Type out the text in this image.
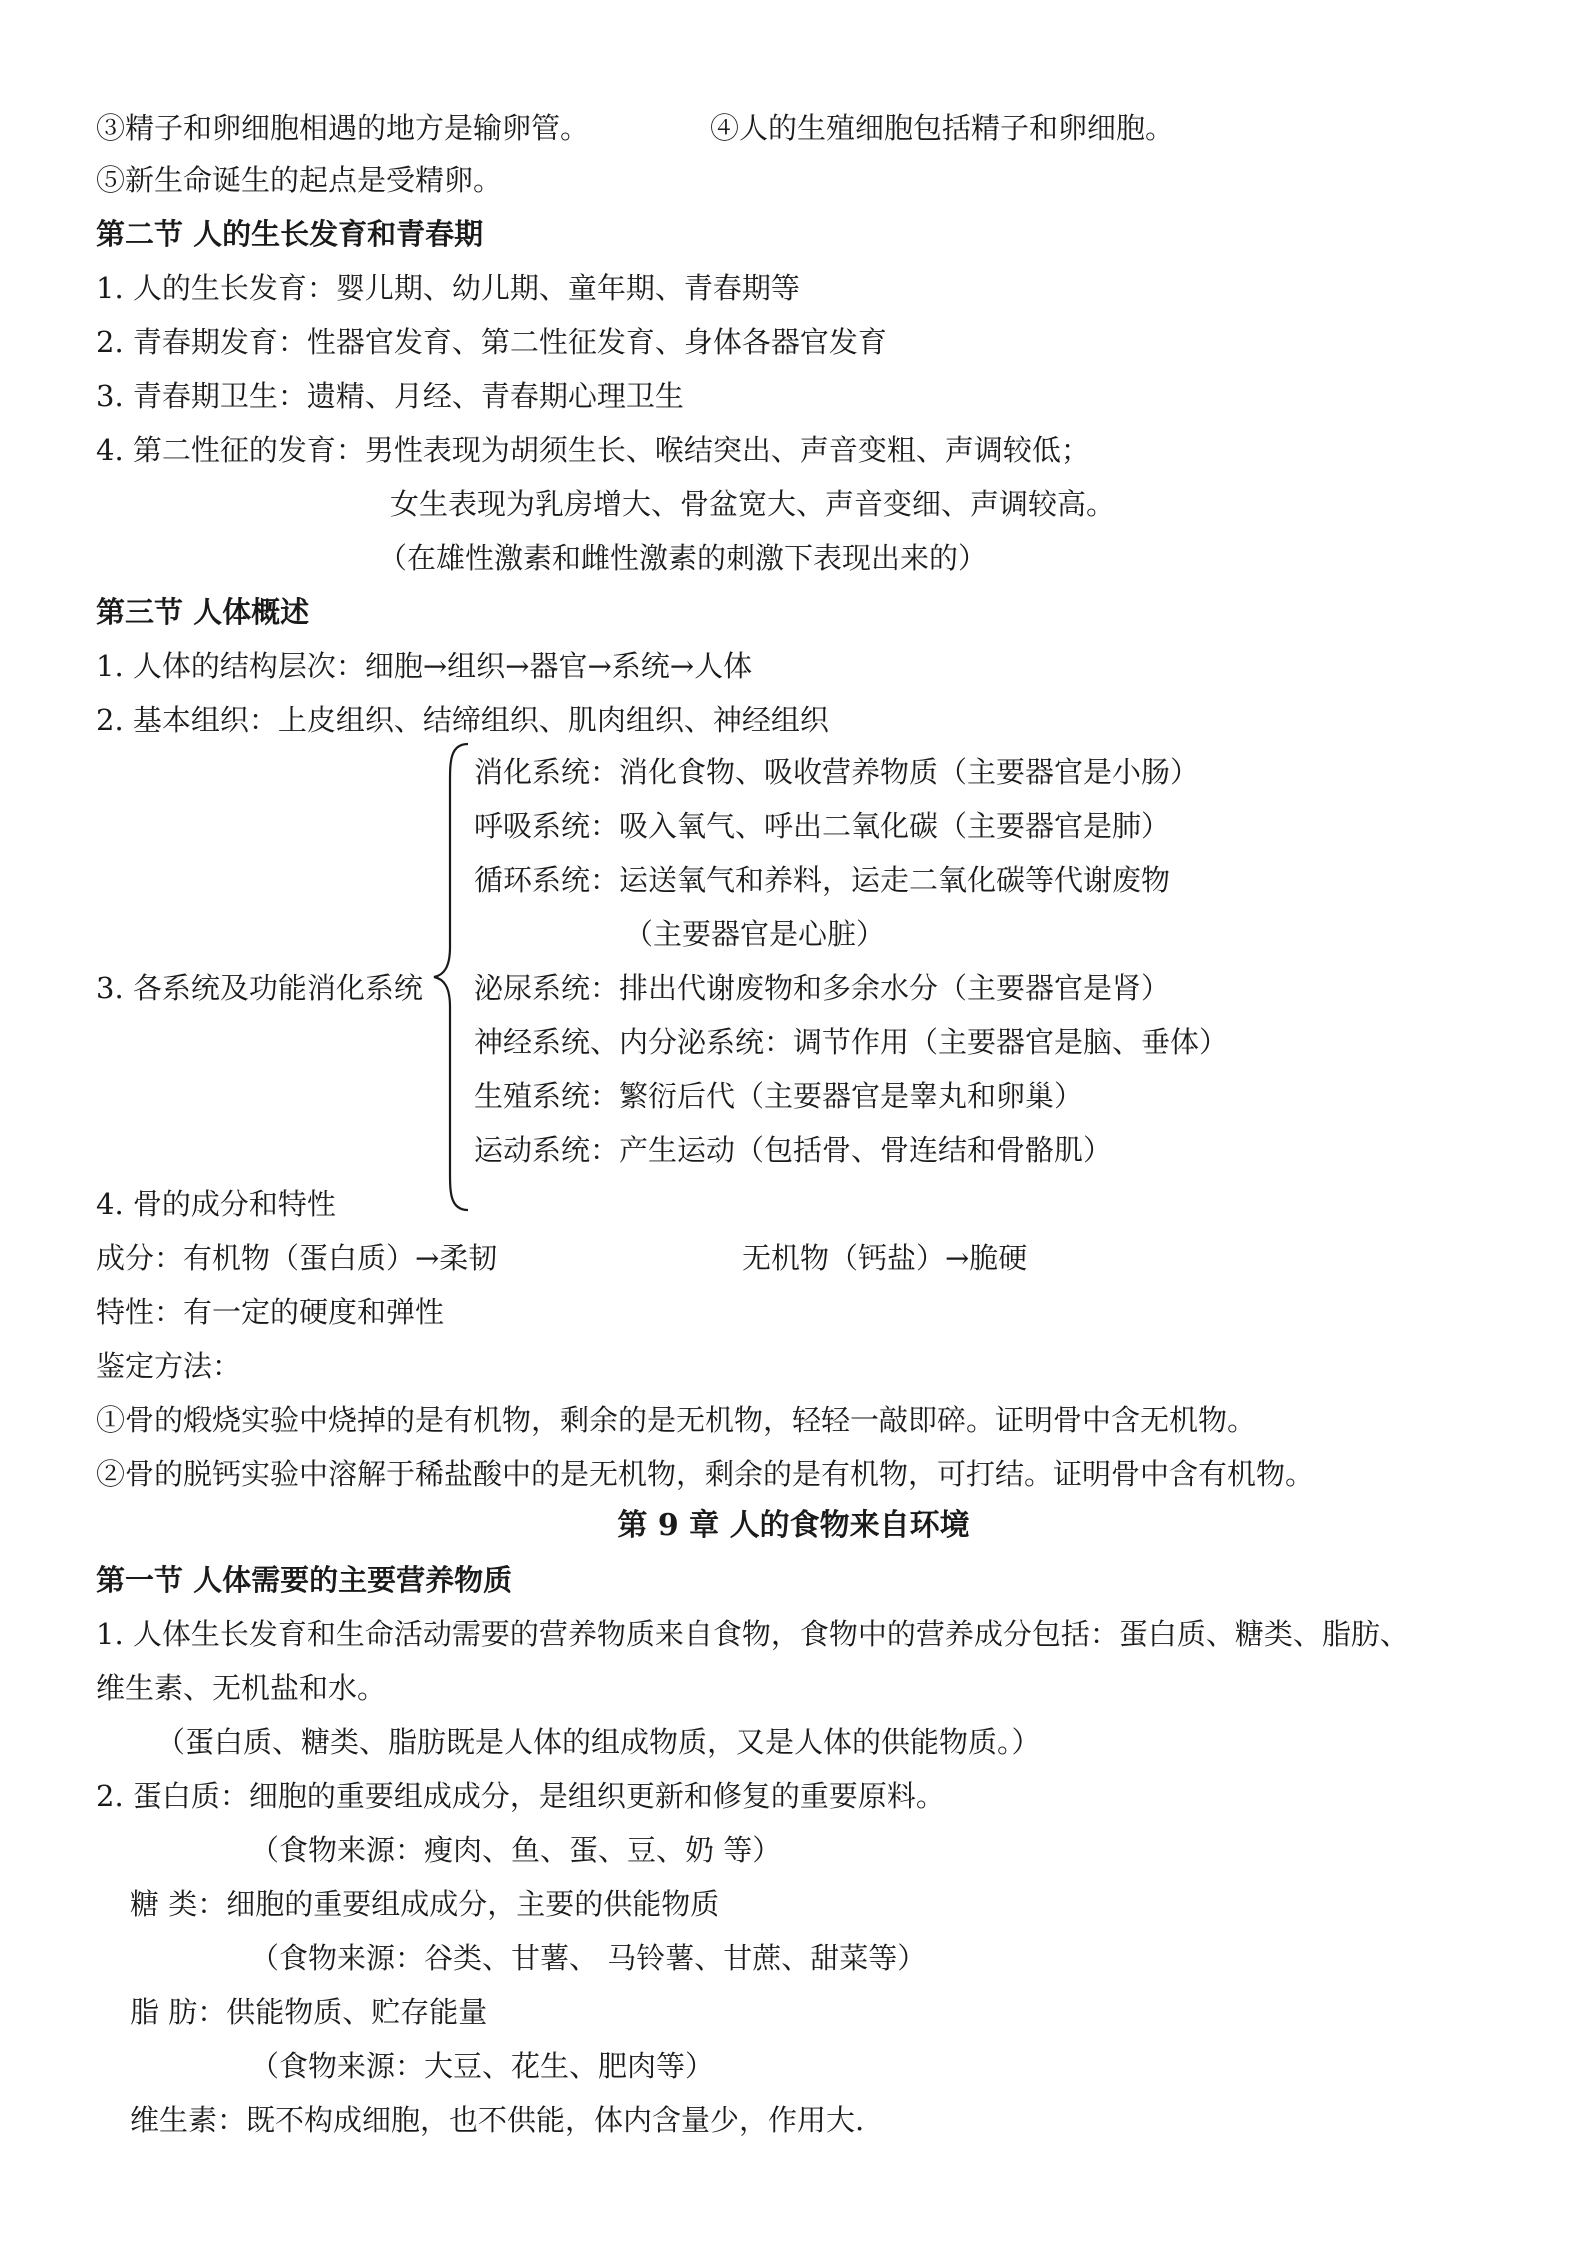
③精子和卵细胞相遇的地方是输卵管。	④人的生殖细胞包括精子和卵细胞。
⑤新生命诞生的起点是受精卵。
第二节 人的生长发育和青春期
1. 人的生长发育：婴儿期、幼儿期、童年期、青春期等
2. 青春期发育：性器官发育、第二性征发育、身体各器官发育
3. 青春期卫生：遗精、月经、青春期心理卫生
4. 第二性征的发育：男性表现为胡须生长、喉结突出、声音变粗、声调较低；
女生表现为乳房增大、骨盆宽大、声音变细、声调较高。
（在雄性激素和雌性激素的刺激下表现出来的）
第三节 人体概述
1. 人体的结构层次：细胞→组织→器官→系统→人体
2. 基本组织：上皮组织、结缔组织、肌肉组织、神经组织
消化系统：消化食物、吸收营养物质（主要器官是小肠）
呼吸系统：吸入氧气、呼出二氧化碳（主要器官是肺）
循环系统：运送氧气和养料，运走二氧化碳等代谢废物
（主要器官是心脏）
3. 各系统及功能消化系统 泌尿系统：排出代谢废物和多余水分（主要器官是肾）
神经系统、内分泌系统：调节作用（主要器官是脑、垂体）
生殖系统：繁衍后代（主要器官是睾丸和卵巢）
运动系统：产生运动（包括骨、骨连结和骨骼肌）
4. 骨的成分和特性
成分：有机物（蛋白质）→柔韧	无机物（钙盐）→脆硬
特性：有一定的硬度和弹性
鉴定方法：
①骨的煅烧实验中烧掉的是有机物，剩余的是无机物，轻轻一敲即碎。证明骨中含无机物。
②骨的脱钙实验中溶解于稀盐酸中的是无机物，剩余的是有机物，可打结。证明骨中含有机物。
第 9 章 人的食物来自环境
第一节 人体需要的主要营养物质
1. 人体生长发育和生命活动需要的营养物质来自食物，食物中的营养成分包括：蛋白质、糖类、脂肪、
维生素、无机盐和水。
（蛋白质、糖类、脂肪既是人体的组成物质，又是人体的供能物质。）
2. 蛋白质：细胞的重要组成成分，是组织更新和修复的重要原料。
（食物来源：瘦肉、鱼、蛋、豆、奶 等）
糖 类：细胞的重要组成成分，主要的供能物质
（食物来源：谷类、甘薯、 马铃薯、甘蔗、甜菜等）
脂 肪：供能物质、贮存能量
（食物来源：大豆、花生、肥肉等）
维生素：既不构成细胞，也不供能，体内含量少，作用大.
